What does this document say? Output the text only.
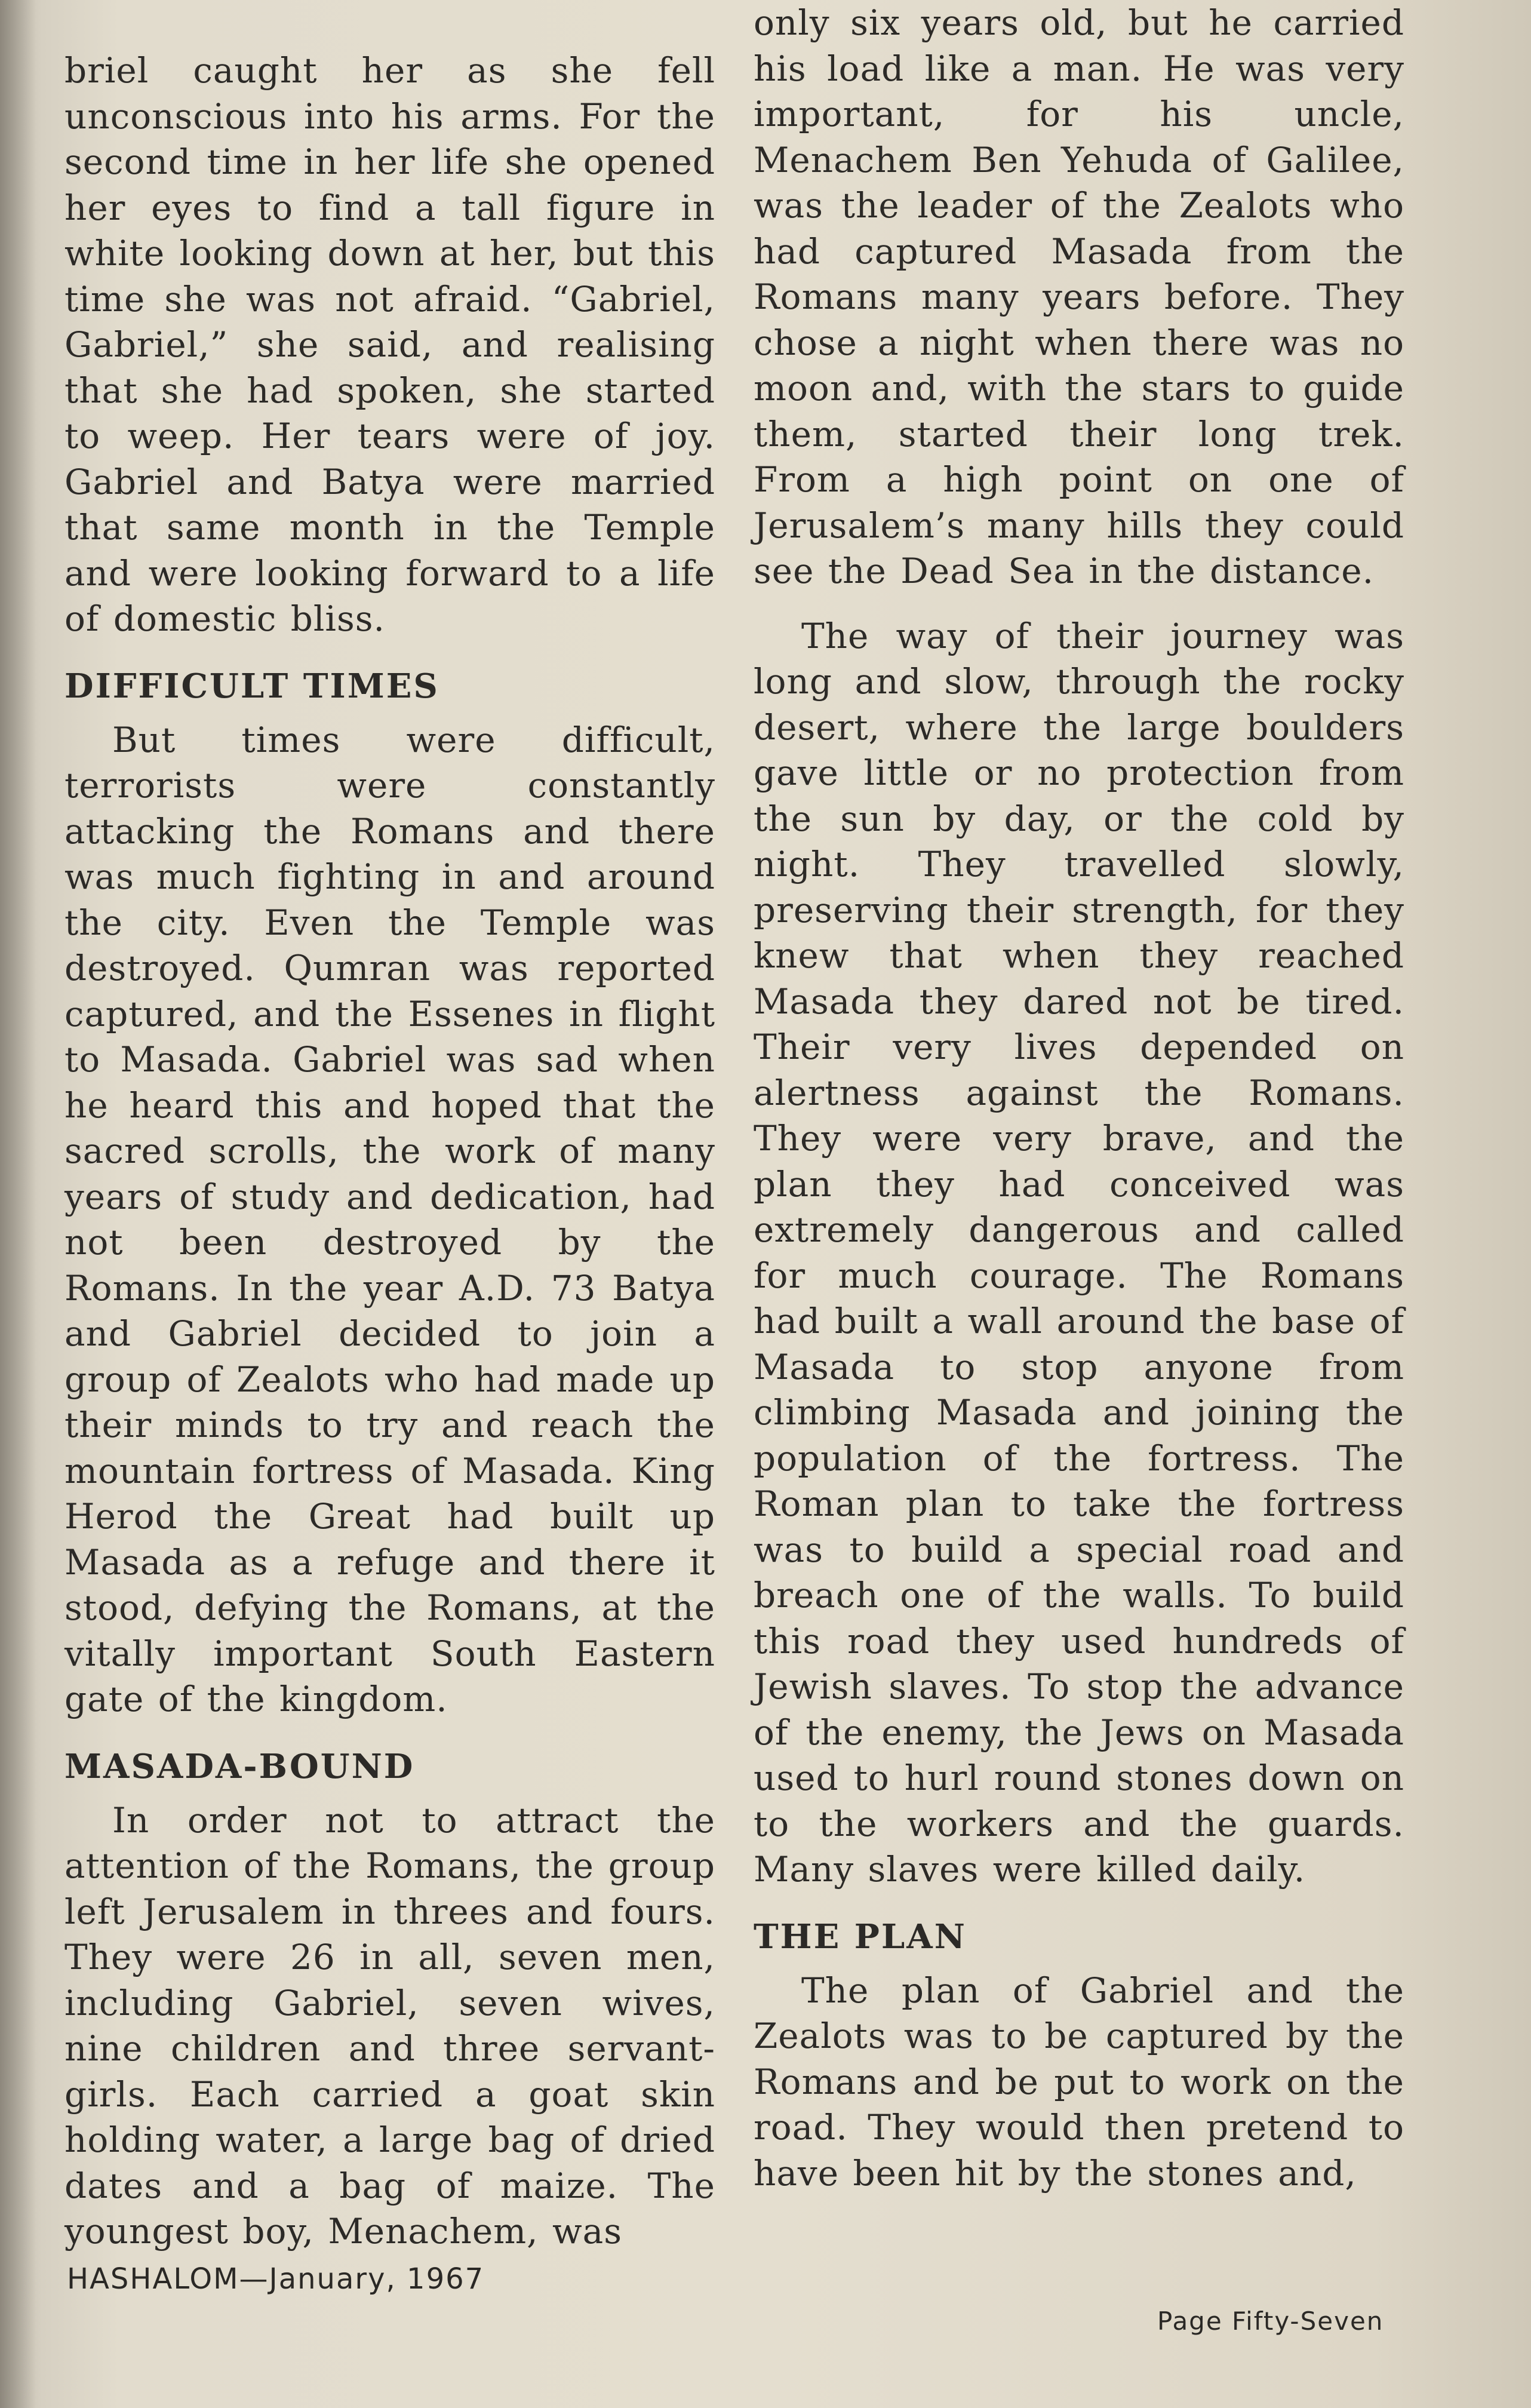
briel caught her as she fell unconscious into his arms. For the second time in her life she opened her eyes to find a tall figure in white looking down at her, but this time she was not afraid. “Gabriel, Gabriel,” she said, and realising that she had spoken, she started to weep. Her tears were of joy. Gabriel and Batya were married that same month in the Temple and were looking forward to a life of domestic bliss.

DIFFICULT TIMES

But times were difficult, terrorists were constantly attacking the Romans and there was much fighting in and around the city. Even the Temple was destroyed. Qumran was reported captured, and the Essenes in flight to Masada. Gabriel was sad when he heard this and hoped that the sacred scrolls, the work of many years of study and dedication, had not been destroyed by the Romans. In the year A.D. 73 Batya and Gabriel decided to join a group of Zealots who had made up their minds to try and reach the mountain fortress of Masada. King Herod the Great had built up Masada as a refuge and there it stood, defying the Romans, at the vitally important South Eastern gate of the kingdom.

MASADA-BOUND

In order not to attract the attention of the Romans, the group left Jerusalem in threes and fours. They were 26 in all, seven men, including Gabriel, seven wives, nine children and three servant-girls. Each carried a goat skin holding water, a large bag of dried dates and a bag of maize. The youngest boy, Menachem, was

only six years old, but he carried his load like a man. He was very important, for his uncle, Menachem Ben Yehuda of Galilee, was the leader of the Zealots who had captured Masada from the Romans many years before. They chose a night when there was no moon and, with the stars to guide them, started their long trek. From a high point on one of Jerusalem’s many hills they could see the Dead Sea in the distance.

The way of their journey was long and slow, through the rocky desert, where the large boulders gave little or no protection from the sun by day, or the cold by night. They travelled slowly, preserving their strength, for they knew that when they reached Masada they dared not be tired. Their very lives depended on alertness against the Romans. They were very brave, and the plan they had conceived was extremely dangerous and called for much courage. The Romans had built a wall around the base of Masada to stop anyone from climbing Masada and joining the population of the fortress. The Roman plan to take the fortress was to build a special road and breach one of the walls. To build this road they used hundreds of Jewish slaves. To stop the advance of the enemy, the Jews on Masada used to hurl round stones down on to the workers and the guards. Many slaves were killed daily.

THE PLAN

The plan of Gabriel and the Zealots was to be captured by the Romans and be put to work on the road. They would then pretend to have been hit by the stones and,

HASHALOM—January, 1967
Page Fifty-Seven
